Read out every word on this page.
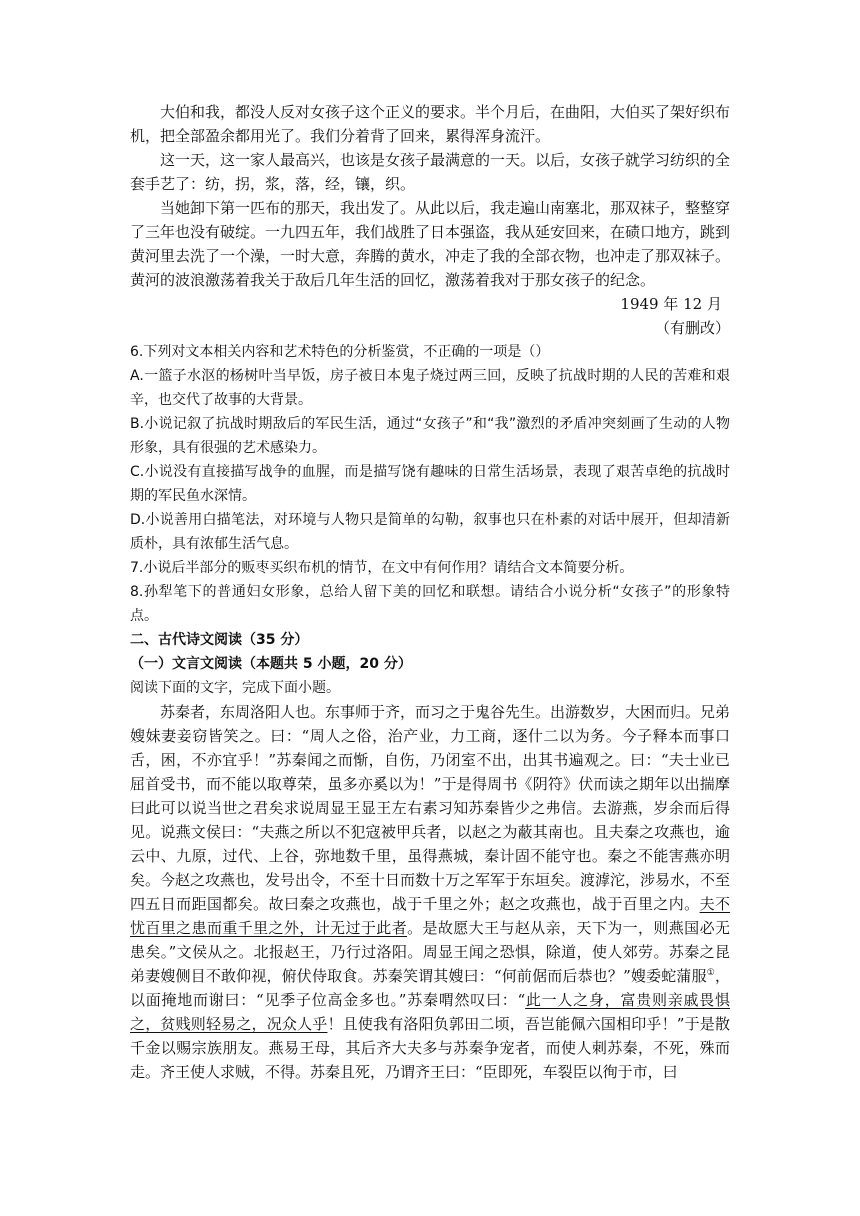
大伯和我，都没人反对女孩子这个正义的要求。半个月后，在曲阳，大伯买了架好织布机，把全部盈余都用光了。我们分着背了回来，累得浑身流汗。

这一天，这一家人最高兴，也该是女孩子最满意的一天。以后，女孩子就学习纺织的全套手艺了：纺，拐，浆，落，经，镶，织。

当她卸下第一匹布的那天，我出发了。从此以后，我走遍山南塞北，那双袜子，整整穿了三年也没有破绽。一九四五年，我们战胜了日本强盗，我从延安回来，在碛口地方，跳到黄河里去洗了一个澡，一时大意，奔腾的黄水，冲走了我的全部衣物，也冲走了那双袜子。黄河的波浪激荡着我关于敌后几年生活的回忆，激荡着我对于那女孩子的纪念。

1949 年 12 月

（有删改）

6.下列对文本相关内容和艺术特色的分析鉴赏，不正确的一项是（）

A.一篮子水沤的杨树叶当早饭，房子被日本鬼子烧过两三回，反映了抗战时期的人民的苦难和艰辛，也交代了故事的大背景。

B.小说记叙了抗战时期敌后的军民生活，通过“女孩子”和“我”激烈的矛盾冲突刻画了生动的人物形象，具有很强的艺术感染力。

C.小说没有直接描写战争的血腥，而是描写饶有趣味的日常生活场景，表现了艰苦卓绝的抗战时期的军民鱼水深情。

D.小说善用白描笔法，对环境与人物只是简单的勾勒，叙事也只在朴素的对话中展开，但却清新质朴，具有浓郁生活气息。

7.小说后半部分的贩枣买织布机的情节，在文中有何作用？请结合文本简要分析。

8.孙犁笔下的普通妇女形象，总给人留下美的回忆和联想。请结合小说分析“女孩子”的形象特点。

二、古代诗文阅读（35 分）

（一）文言文阅读（本题共 5 小题，20 分）

阅读下面的文字，完成下面小题。

苏秦者，东周洛阳人也。东事师于齐，而习之于鬼谷先生。出游数岁，大困而归。兄弟嫂妹妻妾窃皆笑之。曰：“周人之俗，治产业，力工商，逐什二以为务。今子释本而事口舌，困，不亦宜乎！”苏秦闻之而惭，自伤，乃闭室不出，出其书遍观之。曰：“夫士业已屈首受书，而不能以取尊荣，虽多亦奚以为！”于是得周书《阴符》伏而读之期年以出揣摩曰此可以说当世之君矣求说周显王显王左右素习知苏秦皆少之弗信。去游燕，岁余而后得见。说燕文侯曰：“夫燕之所以不犯寇被甲兵者，以赵之为蔽其南也。且夫秦之攻燕也，逾云中、九原，过代、上谷，弥地数千里，虽得燕城，秦计固不能守也。秦之不能害燕亦明矣。今赵之攻燕也，发号出令，不至十日而数十万之军军于东垣矣。渡滹沱，涉易水，不至四五日而距国都矣。故曰秦之攻燕也，战于千里之外；赵之攻燕也，战于百里之内。夫不忧百里之患而重千里之外，计无过于此者。是故愿大王与赵从亲，天下为一，则燕国必无患矣。”文侯从之。北报赵王，乃行过洛阳。周显王闻之恐惧，除道，使人郊劳。苏秦之昆弟妻嫂侧目不敢仰视，俯伏侍取食。苏秦笑谓其嫂曰：“何前倨而后恭也？”嫂委蛇蒲服①，以面掩地而谢曰：“见季子位高金多也。”苏秦喟然叹曰：“此一人之身，富贵则亲戚畏惧之，贫贱则轻易之，况众人乎！且使我有洛阳负郭田二顷，吾岂能佩六国相印乎！”于是散千金以赐宗族朋友。燕易王母，其后齐大夫多与苏秦争宠者，而使人刺苏秦，不死，殊而走。齐王使人求贼，不得。苏秦且死，乃谓齐王曰：“臣即死，车裂臣以徇于市，曰
